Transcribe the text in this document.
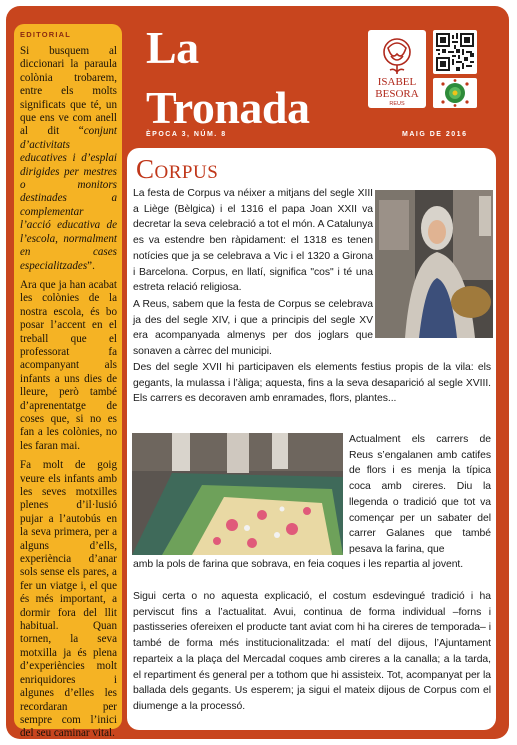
EDITORIAL

Si busquem al diccionari la paraula colònia trobarem, entre els molts significats que té, un que ens ve com anell al dit “conjunt d’activitats educatives i d’esplai dirigides per mestres o monitors destinades a complementar l’acció educativa de l’escola, normalment en cases especialitzades”.

Ara que ja han acabat les colònies de la nostra escola, és bo posar l’accent en el treball que el professorat fa acompanyant als infants a uns dies de lleure, però també d’aprenentatge de coses que, si no es fan a les colònies, no les faran mai.

Fa molt de goig veure els infants amb les seves motxilles plenes d’il·lusió pujar a l’autobús en la seva primera, per a alguns d’ells, experiència d’anar sols sense els pares, a fer un viatge i, el que és més important, a dormir fora del llit habitual. Quan tornen, la seva motxilla ja és plena d’experiències molt enriquidores i algunes d’elles les recordaran per sempre com l’inici del seu caminar vital.

La Tronada	ISABEL
BESORA
REUS
ÈPOCA 3, NÚM. 8	MAIG DE 2016
Corpus
La festa de Corpus va néixer a mitjans del segle XIII a Liège (Bèlgica) i el 1316 el papa Joan XXII va decretar la seva celebració a tot el món. A Catalunya es va estendre ben ràpidament: el 1318 es tenen notícies que ja se celebrava a Vic i el 1320 a Girona i Barcelona. Corpus, en llatí, significa "cos" i té una estreta relació religiosa.
A Reus, sabem que la festa de Corpus se celebrava ja des del segle XIV, i que a principis del segle XV era acompanyada almenys per dos joglars que sonaven a càrrec del municipi.
Des del segle XVII hi participaven els elements festius propis de la vila: els gegants, la mulassa i l’àliga; aquesta, fins a la seva desaparició al segle XVIII. Els carrers es decoraven amb enramades, flors, plantes...
Actualment els carrers de Reus s’engalanen amb catifes de flors i es menja la típica coca amb cireres. Diu la llegenda o tradició que tot va començar per un sabater del carrer Galanes que també pesava la farina, que
amb la pols de farina que sobrava, en feia coques i les repartia al jovent.
Sigui certa o no aquesta explicació, el costum esdevingué tradició i ha perviscut fins a l’actualitat. Avui, continua de forma individual –forns i pastisseries ofereixen el producte tant aviat com hi ha cireres de temporada– i també de forma més institucionalitzada: el matí del dijous, l’Ajuntament reparteix a la plaça del Mercadal coques amb cireres a la canalla; a la tarda, el repartiment és general per a tothom que hi assisteix. Tot, acompanyat per la ballada dels gegants. Us esperem; ja sigui el mateix dijous de Corpus com el diumenge a la processó.
